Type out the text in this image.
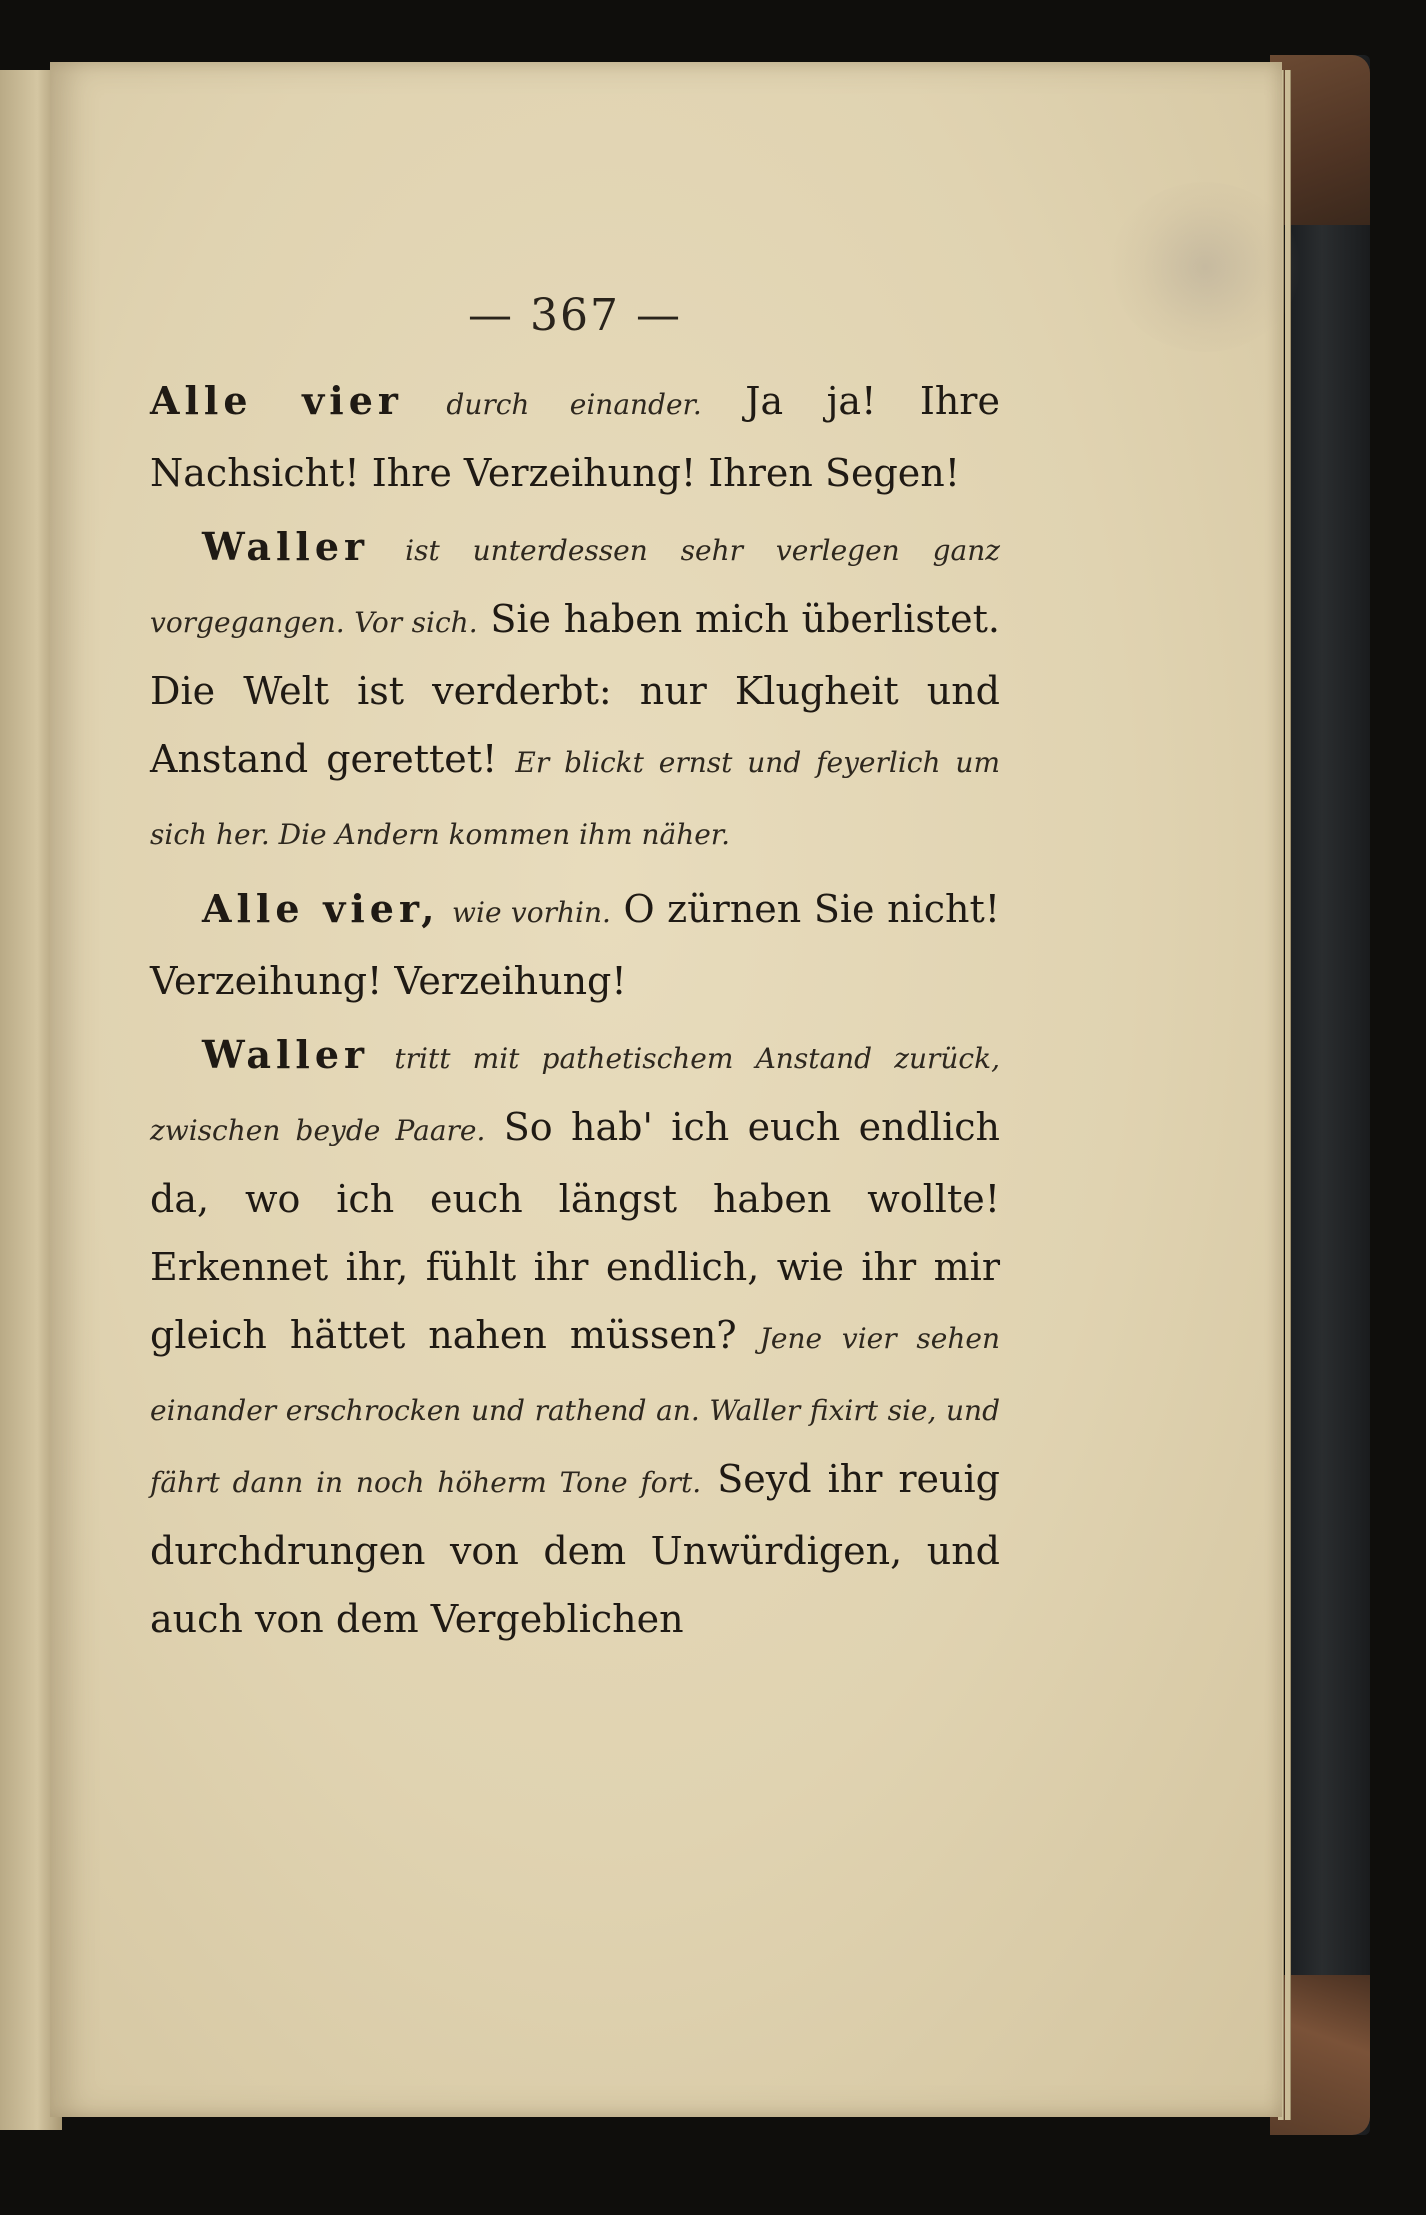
— 367 —

Alle vier durch einander. Ja ja! Ihre Nachsicht! Ihre Verzeihung! Ihren Segen!

Waller ist unterdessen sehr verlegen ganz vorgegangen. Vor sich. Sie haben mich überlistet. Die Welt ist verderbt: nur Klugheit und Anstand gerettet! Er blickt ernst und feyerlich um sich her. Die Andern kommen ihm näher.

Alle vier, wie vorhin. O zürnen Sie nicht! Verzeihung! Verzeihung!

Waller tritt mit pathetischem Anstand zurück, zwischen beyde Paare. So hab' ich euch endlich da, wo ich euch längst haben wollte! Erkennet ihr, fühlt ihr endlich, wie ihr mir gleich hättet nahen müssen? Jene vier sehen einander erschrocken und rathend an. Waller fixirt sie, und fährt dann in noch höherm Tone fort. Seyd ihr reuig durchdrungen von dem Unwürdigen, und auch von dem Vergeblichen
